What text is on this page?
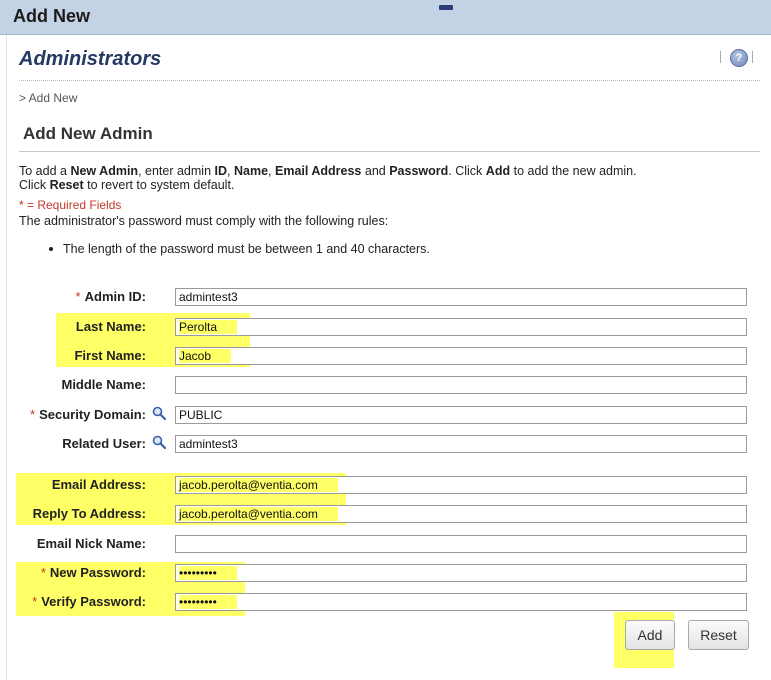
Add New
Administrators	?
> Add New
Add New Admin
To add a New Admin, enter admin ID, Name, Email Address and Password. Click Add to add the new admin.
Click Reset to revert to system default.
* = Required Fields
The administrator's password must comply with the following rules:
The length of the password must be between 1 and 40 characters.
* Admin ID:	admintest3
Last Name:	Perolta
First Name:	Jacob
Middle Name:
* Security Domain:	PUBLIC
Related User:	admintest3
Email Address:	jacob.perolta@ventia.com
Reply To Address:	jacob.perolta@ventia.com
Email Nick Name:
* New Password:	•••••••••
* Verify Password:	•••••••••
Add	Reset
